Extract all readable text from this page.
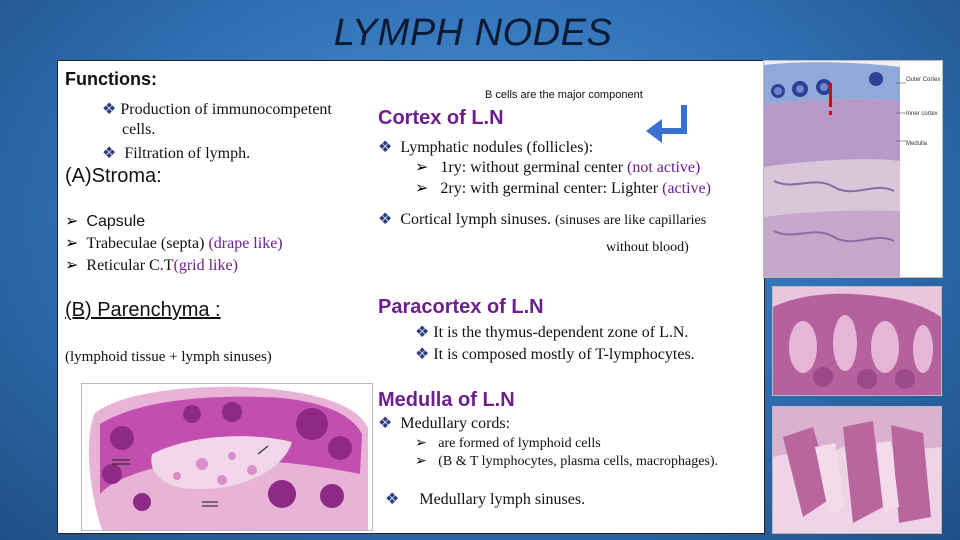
LYMPH NODES
Functions:
❖ Production of immunocompetent
cells.
❖ Filtration of lymph.
(A)Stroma:
➢ Capsule
➢ Trabeculae (septa) (drape like)
➢ Reticular C.T(grid like)
(B) Parenchyma :
(lymphoid tissue + lymph sinuses)
B cells are the major component
Cortex of L.N
❖ Lymphatic nodules (follicles):
➢ 1ry: without germinal center (not active)
➢ 2ry: with germinal center: Lighter (active)
❖ Cortical lymph sinuses. (sinuses are like capillaries
without blood)
Paracortex of L.N
❖ It is the thymus-dependent zone of L.N.
❖ It is composed mostly of T-lymphocytes.
Medulla of L.N
❖ Medullary cords:
➢ are formed of lymphoid cells
➢ (B & T lymphocytes, plasma cells, macrophages).
❖ Medullary lymph sinuses.
Outer Cortex
Inner cortex
Medulla
